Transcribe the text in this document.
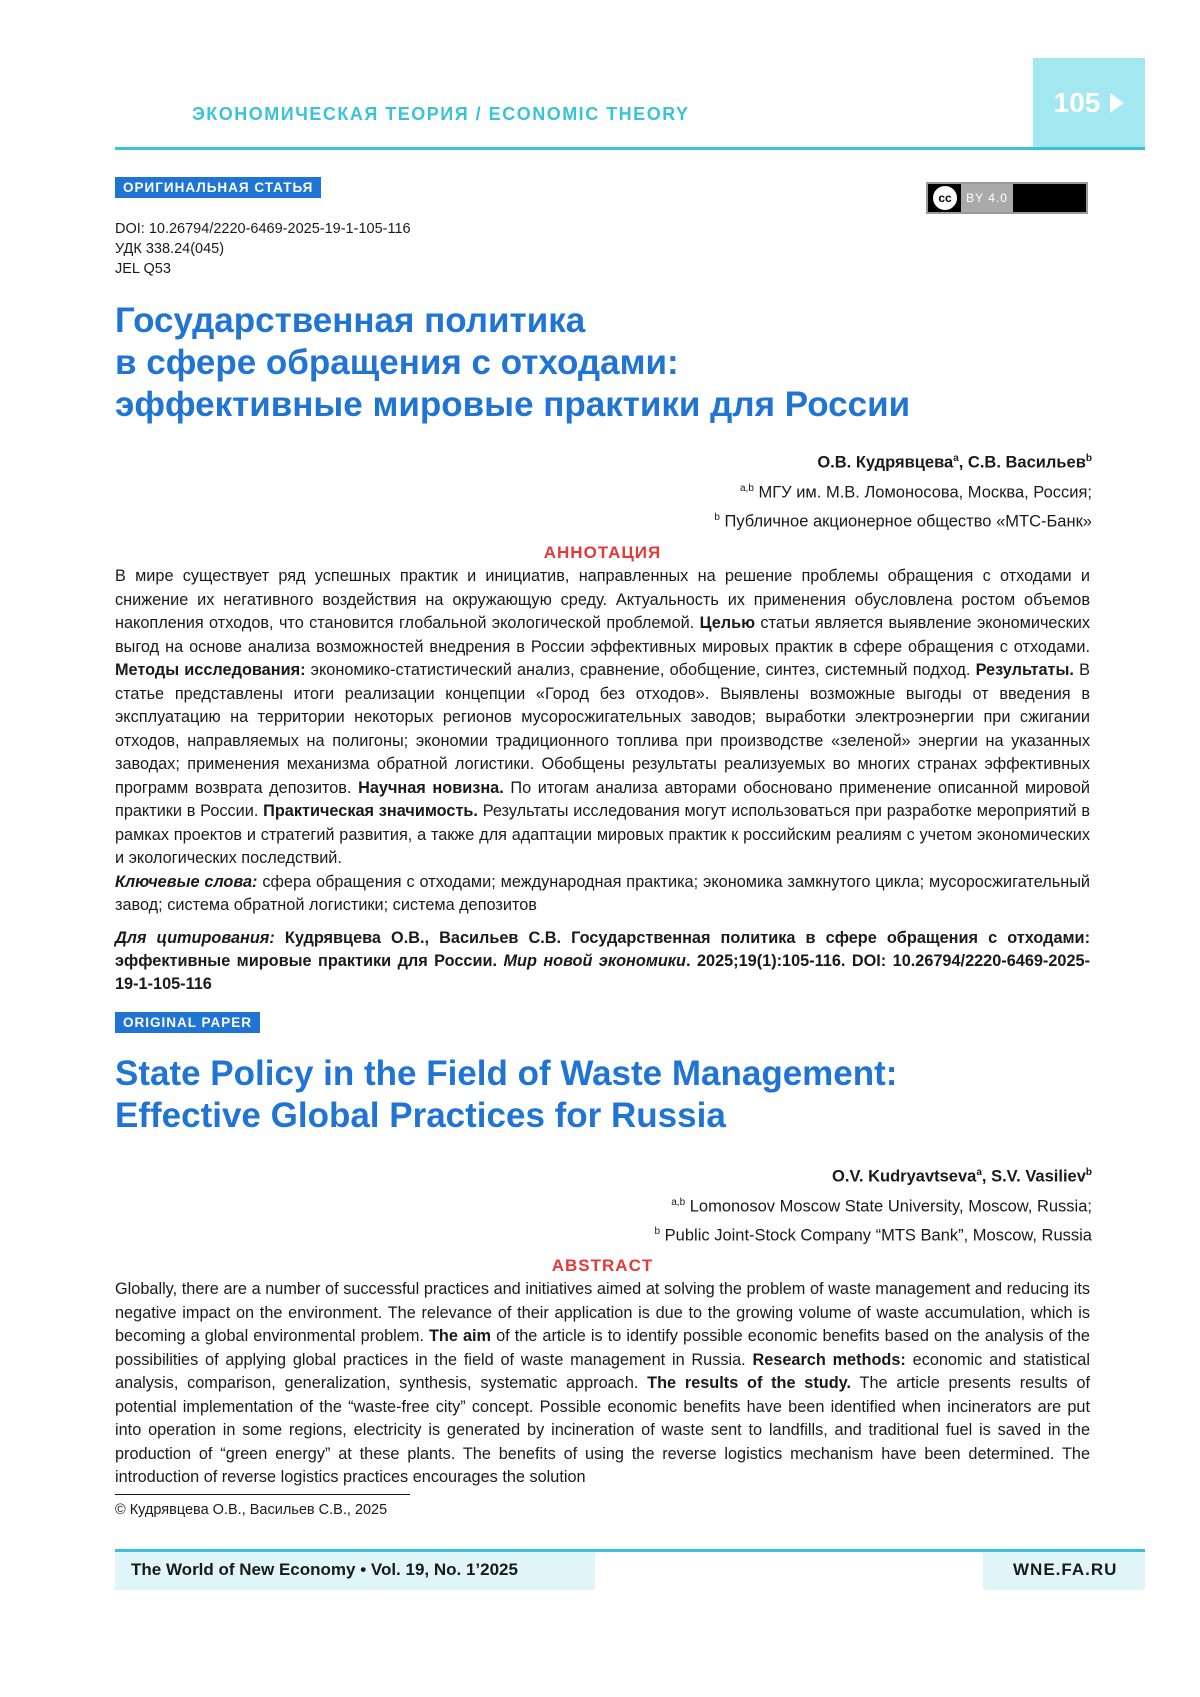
ЭКОНОМИЧЕСКАЯ ТЕОРИЯ / ECONOMIC THEORY	105
ОРИГИНАЛЬНАЯ СТАТЬЯ
cc	BY 4.0
DOI: 10.26794/2220-6469-2025-19-1-105-116
УДК 338.24(045)
JEL Q53
Государственная политика
в сфере обращения с отходами:
эффективные мировые практики для России
О.В. Кудрявцева$^a$, С.В. Васильев$^b$
$^{a,b}$ МГУ им. М.В. Ломоносова, Москва, Россия;
$^b$ Публичное акционерное общество «МТС-Банк»
АННОТАЦИЯ
В мире существует ряд успешных практик и инициатив, направленных на решение проблемы обращения с отходами и снижение их негативного воздействия на окружающую среду. Актуальность их применения обусловлена ростом объемов накопления отходов, что становится глобальной экологической проблемой. Целью статьи является выявление экономических выгод на основе анализа возможностей внедрения в России эффективных мировых практик в сфере обращения с отходами. Методы исследования: экономико-статистический анализ, сравнение, обобщение, синтез, системный подход. Результаты. В статье представлены итоги реализации концепции «Город без отходов». Выявлены возможные выгоды от введения в эксплуатацию на территории некоторых регионов мусоросжигательных заводов; выработки электроэнергии при сжигании отходов, направляемых на полигоны; экономии традиционного топлива при производстве «зеленой» энергии на указанных заводах; применения механизма обратной логистики. Обобщены результаты реализуемых во многих странах эффективных программ возврата депозитов. Научная новизна. По итогам анализа авторами обосновано применение описанной мировой практики в России. Практическая значимость. Результаты исследования могут использоваться при разработке мероприятий в рамках проектов и стратегий развития, а также для адаптации мировых практик к российским реалиям с учетом экономических и экологических последствий.
Ключевые слова: сфера обращения с отходами; международная практика; экономика замкнутого цикла; мусоросжигательный завод; система обратной логистики; система депозитов
Для цитирования: Кудрявцева О.В., Васильев С.В. Государственная политика в сфере обращения с отходами: эффективные мировые практики для России. Мир новой экономики. 2025;19(1):105-116. DOI: 10.26794/2220-6469-2025-19-1-105-116
ORIGINAL PAPER
State Policy in the Field of Waste Management:
Effective Global Practices for Russia
O.V. Kudryavtseva$^a$, S.V. Vasiliev$^b$
$^{a,b}$ Lomonosov Moscow State University, Moscow, Russia;
$^b$ Public Joint-Stock Company “MTS Bank”, Moscow, Russia
ABSTRACT
Globally, there are a number of successful practices and initiatives aimed at solving the problem of waste management and reducing its negative impact on the environment. The relevance of their application is due to the growing volume of waste accumulation, which is becoming a global environmental problem. The aim of the article is to identify possible economic benefits based on the analysis of the possibilities of applying global practices in the field of waste management in Russia. Research methods: economic and statistical analysis, comparison, generalization, synthesis, systematic approach. The results of the study. The article presents results of potential implementation of the “waste-free city” concept. Possible economic benefits have been identified when incinerators are put into operation in some regions, electricity is generated by incineration of waste sent to landfills, and traditional fuel is saved in the production of “green energy” at these plants. The benefits of using the reverse logistics mechanism have been determined. The introduction of reverse logistics practices encourages the solution
© Кудрявцева О.В., Васильев С.В., 2025
The World of New Economy • Vol. 19, No. 1’2025	WNE.FA.RU
